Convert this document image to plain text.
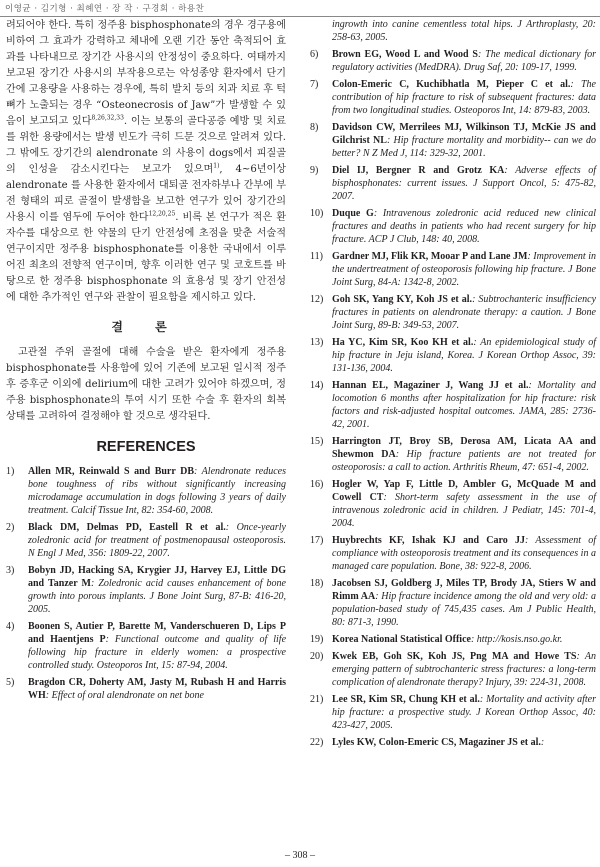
이영균 · 김기형 · 최혜연 · 장 작 · 구경회 · 하용찬

려되어야 한다. 특히 정주용 bisphosphonate의 경우 경구용에 비하여 그 효과가 강력하고 체내에 오랜 기간 동안 축적되어 효과를 나타내므로 장기간 사용시의 안정성이 중요하다. 여태까지 보고된 장기간 사용시의 부작용으로는 악성종양 환자에서 단기간에 고용량을 사용하는 경우에, 특히 발치 등의 치과 치료 후 턱뼈가 노출되는 경우 “Osteonecrosis of Jaw”가 발생할 수 있음이 보고되고 있다$^{8,26,32,33}$. 이는 보통의 골다공증 예방 및 치료를 위한 용량에서는 발생 빈도가 극히 드문 것으로 알려져 있다. 그 밖에도 장기간의 alendronate 의 사용이 dogs에서 피질골의 인성을 감소시킨다는 보고가 있으며$^{1)}$, 4~6년이상 alendronate 를 사용한 환자에서 대퇴골 전자하부나 간부에 부전 형태의 피로 골절이 발생함을 보고한 연구가 있어 장기간의 사용시 이를 염두에 두어야 한다$^{12,20,25}$. 비록 본 연구가 적은 환자수를 대상으로 한 약물의 단기 안전성에 초점을 맞춘 서술적 연구이지만 정주용 bisphosphonate를 이용한 국내에서 이루어진 최초의 전향적 연구이며, 향후 이러한 연구 및 코호트를 바탕으로 한 정주용 bisphosphonate 의 효용성 및 장기 안전성에 대한 추가적인 연구와 관찰이 필요함을 제시하고 있다.

결 론

고관절 주위 골절에 대해 수술을 받은 환자에게 정주용 bisphosphonate를 사용함에 있어 기존에 보고된 일시적 정주 후 증후군 이외에 delirium에 대한 고려가 있어야 하겠으며, 정주용 bisphosphonate의 투여 시기 또한 수술 후 환자의 회복 상태를 고려하여 결정해야 할 것으로 생각된다.

REFERENCES
1)	Allen MR, Reinwald S and Burr DB: Alendronate reduces bone toughness of ribs without significantly increasing microdamage accumulation in dogs following 3 years of daily treatment. Calcif Tissue Int, 82: 354-60, 2008.
2)	Black DM, Delmas PD, Eastell R et al.: Once-yearly zoledronic acid for treatment of postmenopausal osteoporosis. N Engl J Med, 356: 1809-22, 2007.
3)	Bobyn JD, Hacking SA, Krygier JJ, Harvey EJ, Little DG and Tanzer M: Zoledronic acid causes enhancement of bone growth into porous implants. J Bone Joint Surg, 87-B: 416-20, 2005.
4)	Boonen S, Autier P, Barette M, Vanderschueren D, Lips P and Haentjens P: Functional outcome and quality of life following hip fracture in elderly women: a prospective controlled study. Osteoporos Int, 15: 87-94, 2004.
5)	Bragdon CR, Doherty AM, Jasty M, Rubash H and Harris WH: Effect of oral alendronate on net bone
ingrowth into canine cementless total hips. J Arthroplasty, 20: 258-63, 2005.
6)	Brown EG, Wood L and Wood S: The medical dictionary for regulatory activities (MedDRA). Drug Saf, 20: 109-17, 1999.
7)	Colon-Emeric C, Kuchibhatla M, Pieper C et al.: The contribution of hip fracture to risk of subsequent fractures: data from two longitudinal studies. Osteoporos Int, 14: 879-83, 2003.
8)	Davidson CW, Merrilees MJ, Wilkinson TJ, McKie JS and Gilchrist NL: Hip fracture mortality and morbidity-- can we do better? N Z Med J, 114: 329-32, 2001.
9)	Diel IJ, Bergner R and Grotz KA: Adverse effects of bisphosphonates: current issues. J Support Oncol, 5: 475-82, 2007.
10) Duque G: Intravenous zoledronic acid reduced new clinical fractures and deaths in patients who had recent surgery for hip fracture. ACP J Club, 148: 40, 2008.
11) Gardner MJ, Flik KR, Mooar P and Lane JM: Improvement in the undertreatment of osteoporosis following hip fracture. J Bone Joint Surg, 84-A: 1342-8, 2002.
12) Goh SK, Yang KY, Koh JS et al.: Subtrochanteric insufficiency fractures in patients on alendronate therapy: a caution. J Bone Joint Surg, 89-B: 349-53, 2007.
13) Ha YC, Kim SR, Koo KH et al.: An epidemiological study of hip fracture in Jeju island, Korea. J Korean Orthop Assoc, 39: 131-136, 2004.
14) Hannan EL, Magaziner J, Wang JJ et al.: Mortality and locomotion 6 months after hospitalization for hip fracture: risk factors and risk-adjusted hospital outcomes. JAMA, 285: 2736-42, 2001.
15) Harrington JT, Broy SB, Derosa AM, Licata AA and Shewmon DA: Hip fracture patients are not treated for osteoporosis: a call to action. Arthritis Rheum, 47: 651-4, 2002.
16) Hogler W, Yap F, Little D, Ambler G, McQuade M and Cowell CT: Short-term safety assessment in the use of intravenous zoledronic acid in children. J Pediatr, 145: 701-4, 2004.
17) Huybrechts KF, Ishak KJ and Caro JJ: Assessment of compliance with osteoporosis treatment and its consequences in a managed care population. Bone, 38: 922-8, 2006.
18) Jacobsen SJ, Goldberg J, Miles TP, Brody JA, Stiers W and Rimm AA: Hip fracture incidence among the old and very old: a population-based study of 745,435 cases. Am J Public Health, 80: 871-3, 1990.
19) Korea National Statistical Office: http://kosis.nso.go.kr.
20) Kwek EB, Goh SK, Koh JS, Png MA and Howe TS: An emerging pattern of subtrochanteric stress fractures: a long-term complication of alendronate therapy? Injury, 39: 224-31, 2008.
21) Lee SR, Kim SR, Chung KH et al.: Mortality and activity after hip fracture: a prospective study. J Korean Orthop Assoc, 40: 423-427, 2005.
22) Lyles KW, Colon-Emeric CS, Magaziner JS et al.:
– 308 –
